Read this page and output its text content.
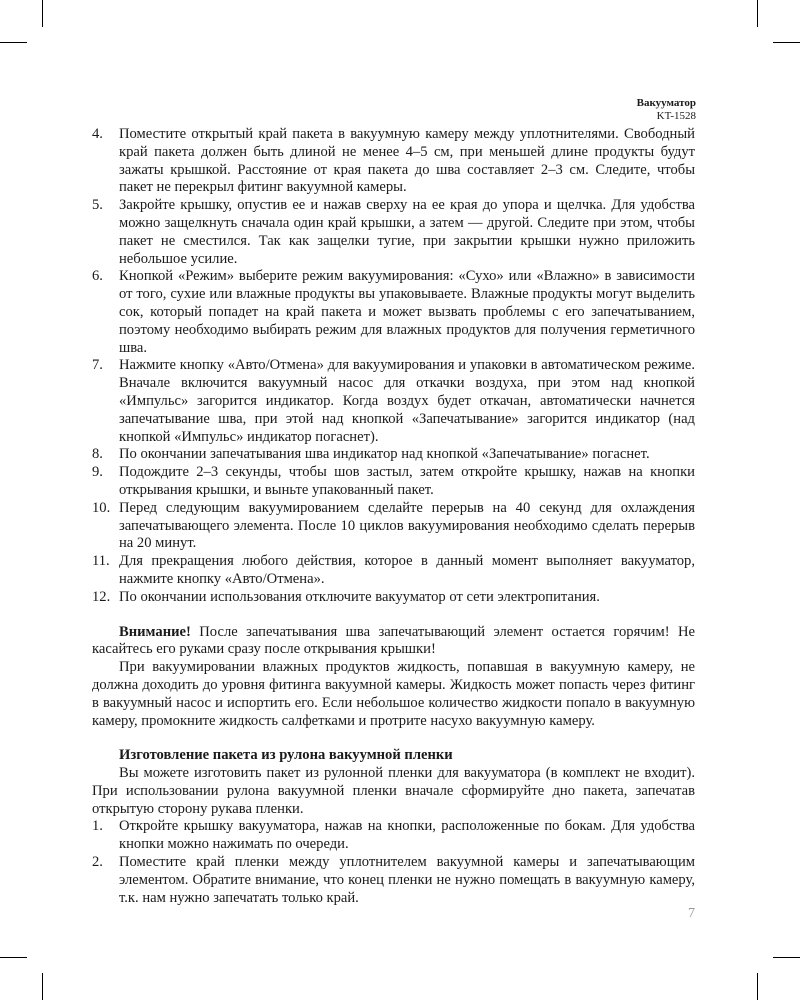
Вакууматор
KT-1528
4. Поместите открытый край пакета в вакуумную камеру между уплотнителями. Свободный край пакета должен быть длиной не менее 4–5 см, при меньшей длине продукты будут зажаты крышкой. Расстояние от края пакета до шва составляет 2–3 см. Следите, чтобы пакет не перекрыл фитинг вакуумной камеры.
5. Закройте крышку, опустив ее и нажав сверху на ее края до упора и щелчка. Для удобства можно защелкнуть сначала один край крышки, а затем — другой. Следите при этом, чтобы пакет не сместился. Так как защелки тугие, при закрытии крышки нужно приложить небольшое усилие.
6. Кнопкой «Режим» выберите режим вакуумирования: «Сухо» или «Влажно» в зависимости от того, сухие или влажные продукты вы упаковываете. Влажные продукты могут выделить сок, который попадет на край пакета и может вызвать проблемы с его запечатыванием, поэтому необходимо выбирать режим для влажных продуктов для получения герметичного шва.
7. Нажмите кнопку «Авто/Отмена» для вакуумирования и упаковки в автоматическом режиме. Вначале включится вакуумный насос для откачки воздуха, при этом над кнопкой «Импульс» загорится индикатор. Когда воздух будет откачан, автоматически начнется запечатывание шва, при этой над кнопкой «Запечатывание» загорится индикатор (над кнопкой «Импульс» индикатор погаснет).
8. По окончании запечатывания шва индикатор над кнопкой «Запечатывание» погаснет.
9. Подождите 2–3 секунды, чтобы шов застыл, затем откройте крышку, нажав на кнопки открывания крышки, и выньте упакованный пакет.
10. Перед следующим вакуумированием сделайте перерыв на 40 секунд для охлаждения запечатывающего элемента. После 10 циклов вакуумирования необходимо сделать перерыв на 20 минут.
11. Для прекращения любого действия, которое в данный момент выполняет вакууматор, нажмите кнопку «Авто/Отмена».
12. По окончании использования отключите вакууматор от сети электропитания.

Внимание! После запечатывания шва запечатывающий элемент остается горячим! Не касайтесь его руками сразу после открывания крышки!

При вакуумировании влажных продуктов жидкость, попавшая в вакуумную камеру, не должна доходить до уровня фитинга вакуумной камеры. Жидкость может попасть через фитинг в вакуумный насос и испортить его. Если небольшое количество жидкости попало в вакуумную камеру, промокните жидкость салфетками и протрите насухо вакуумную камеру.

Изготовление пакета из рулона вакуумной пленки

Вы можете изготовить пакет из рулонной пленки для вакууматора (в комплект не входит). При использовании рулона вакуумной пленки вначале сформируйте дно пакета, запечатав открытую сторону рукава пленки.

1. Откройте крышку вакууматора, нажав на кнопки, расположенные по бокам. Для удобства кнопки можно нажимать по очереди.
2. Поместите край пленки между уплотнителем вакуумной камеры и запечатывающим элементом. Обратите внимание, что конец пленки не нужно помещать в вакуумную камеру, т.к. нам нужно запечатать только край.
7
